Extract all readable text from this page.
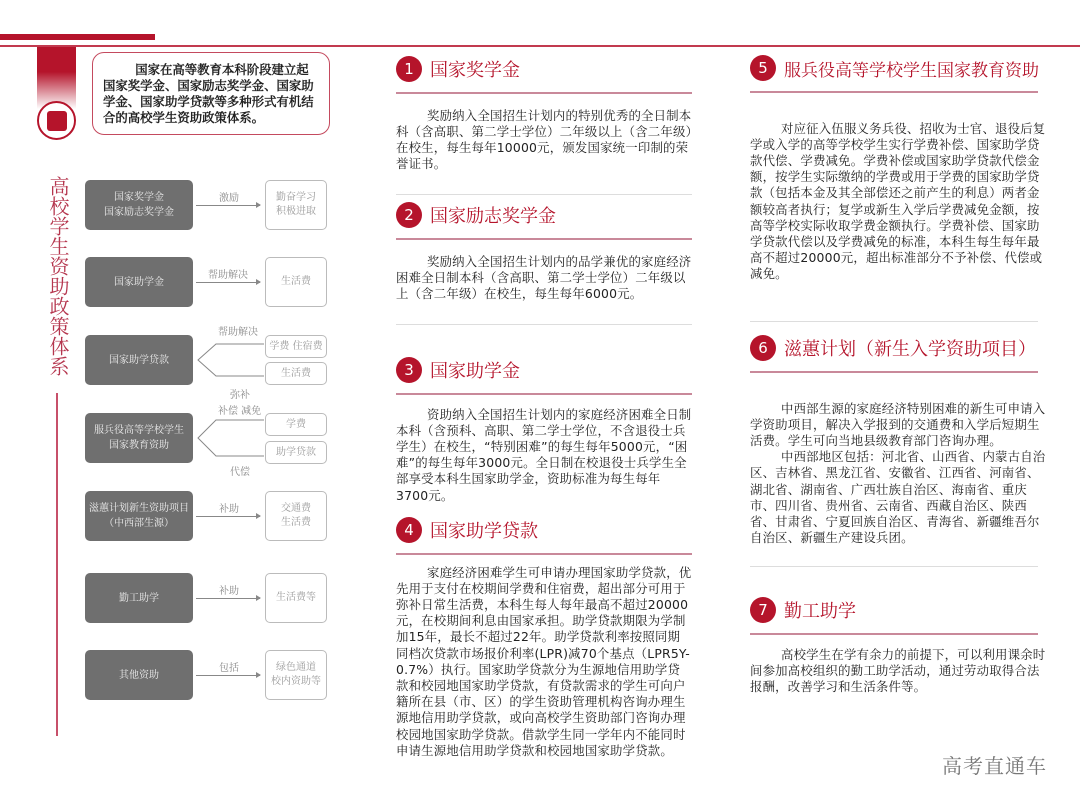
国家在高等教育本科阶段建立起国家奖学金、国家励志奖学金、国家助学金、国家助学贷款等多种形式有机结 合的高校学生资助政策体系。
高校学生资助政策体系	国家奖学金
国家励志奖学金
激励	勤奋学习
积极进取
国家助学金
帮助解决
生活费
国家助学贷款
帮助解决
弥补
学费 住宿费
生活费
服兵役高等学校学生
国家教育资助
补偿 减免
代偿
学费
助学贷款
滋蕙计划新生资助项目
（中西部生源）
补助	交通费
生活费
勤工助学
补助
生活费等
其他资助
包括	绿色通道
校内资助等
1 国家奖学金
奖励纳入全国招生计划内的特别优秀的全日制本科（含高职、第二学士学位）二年级以上（含二年级）在校生，每生每年10000元，颁发国家统一印制的荣誉证书。
2 国家励志奖学金
奖励纳入全国招生计划内的品学兼优的家庭经济困难全日制本科（含高职、第二学士学位）二年级以上（含二年级）在校生，每生每年6000元。
3 国家助学金
资助纳入全国招生计划内的家庭经济困难全日制本科（含预科、高职、第二学士学位，不含退役士兵学生）在校生，“特别困难”的每生每年5000元，“困难”的每生每年3000元。全日制在校退役士兵学生全部享受本科生国家助学金，资助标准为每生每年3700元。
4 国家助学贷款
家庭经济困难学生可申请办理国家助学贷款，优先用于支付在校期间学费和住宿费，超出部分可用于弥补日常生活费，本科生每人每年最高不超过20000元，在校期间利息由国家承担。助学贷款期限为学制加15年，最长不超过22年。助学贷款利率按照同期同档次贷款市场报价利率(LPR)减70个基点（LPR5Y-0.7%）执行。国家助学贷款分为生源地信用助学贷款和校园地国家助学贷款，有贷款需求的学生可向户籍所在县（市、区）的学生资助管理机构咨询办理生源地信用助学贷款，或向高校学生资助部门咨询办理校园地国家助学贷款。借款学生同一学年内不能同时申请生源地信用助学贷款和校园地国家助学贷款。
5 服兵役高等学校学生国家教育资助
对应征入伍服义务兵役、招收为士官、退役后复学或入学的高等学校学生实行学费补偿、国家助学贷款代偿、学费减免。学费补偿或国家助学贷款代偿金额，按学生实际缴纳的学费或用于学费的国家助学贷款（包括本金及其全部偿还之前产生的利息）两者金额较高者执行；复学或新生入学后学费减免金额，按高等学校实际收取学费金额执行。学费补偿、国家助学贷款代偿以及学费减免的标准，本科生每生每年最高不超过20000元，超出标准部分不予补偿、代偿或减免。
6 滋蕙计划（新生入学资助项目）
中西部生源的家庭经济特别困难的新生可申请入学资助项目，解决入学报到的交通费和入学后短期生活费。学生可向当地县级教育部门咨询办理。
中西部地区包括：河北省、山西省、内蒙古自治区、吉林省、黑龙江省、安徽省、江西省、河南省、湖北省、湖南省、广西壮族自治区、海南省、重庆市、四川省、贵州省、云南省、西藏自治区、陕西省、甘肃省、宁夏回族自治区、青海省、新疆维吾尔自治区、新疆生产建设兵团。
7 勤工助学
高校学生在学有余力的前提下，可以利用课余时间参加高校组织的勤工助学活动，通过劳动取得合法报酬，改善学习和生活条件等。
高考直通车
